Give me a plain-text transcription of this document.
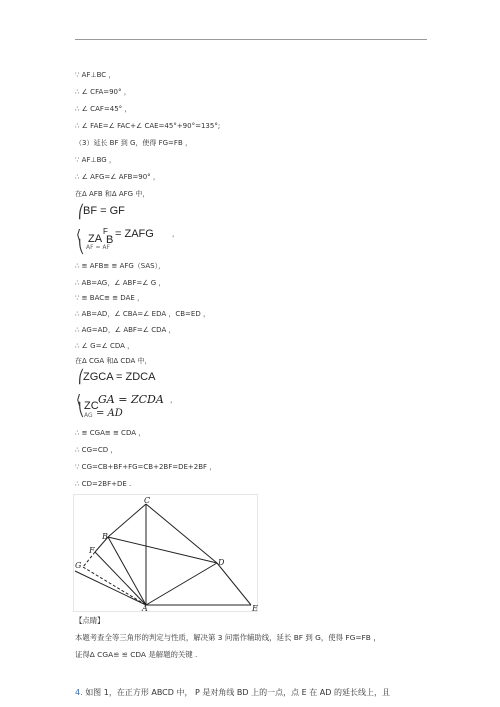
∵ AF⊥BC ，
∴ ∠ CFA=90° ，
∴ ∠ CAF=45° ，
∴ ∠ FAE=∠ FAC+∠ CAE=45°+90°=135°;
（3）延长 BF 到 G，使得 FG=FB ，
∵ AF⊥BG ，
∴ ∠ AFG=∠ AFB=90° ，
在Δ AFB 和Δ AFG 中，
⎛
BF = GF
⟨ ZA
F
B = ZAFG	，
⎝ AF = AF
∴ ≌ AFB≌ ≌ AFG（SAS），
∴ AB=AG，∠ ABF=∠ G ，
∵ ≌ BAC≌ ≌ DAE ，
∴ AB=AD，∠ CBA=∠ EDA ，CB=ED ，
∴ AG=AD，∠ ABF=∠ CDA ，
∴ ∠ G=∠ CDA ，
在Δ CGA 和Δ CDA 中，
⎛
ZGCA = ZDCA
⟨ ZC GA = ZCDA ，
⎝ AG = AD
∴ ≌ CGA≌ ≌ CDA ，
∴ CG=CD ，
∵ CG=CB+BF+FG=CB+2BF=DE+2BF ，
∴ CD=2BF+DE .
C
B
F
G	D
A	E
【点睛】
本题考查全等三角形的判定与性质，解决第 3 问需作辅助线，延长 BF 到 G，使得 FG=FB ，
证得Δ CGA≌ ≌ CDA 是解题的关键 .
4. 如图 1，在正方形 ABCD 中， P 是对角线 BD 上的一点，点 E 在 AD 的延长线上，且
